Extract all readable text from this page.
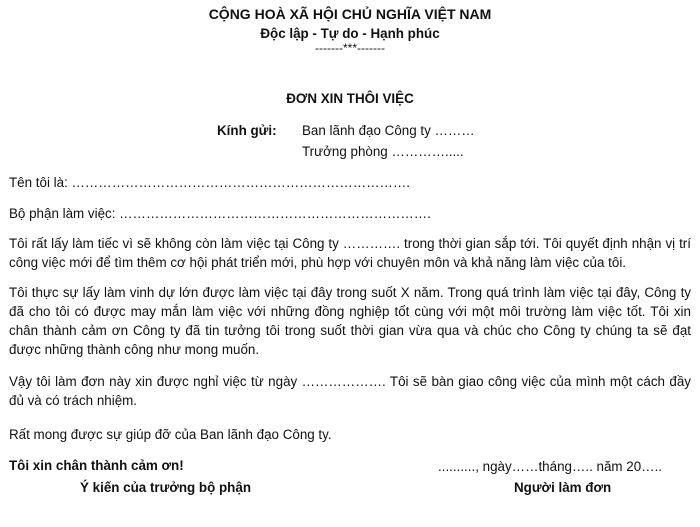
CỘNG HOÀ XÃ HỘI CHỦ NGHĨA VIỆT NAM
Độc lập - Tự do - Hạnh phúc
-------***-------
ĐƠN XIN THÔI VIỆC
Kính gửi: Ban lãnh đạo Công ty ………
Trưởng phòng ………….....
Tên tôi là: ………………………………………………………………….
Bộ phận làm việc: …………………………………………………………….

Tôi rất lấy làm tiếc vì sẽ không còn làm việc tại Công ty …………. trong thời gian sắp tới. Tôi quyết định nhận vị trí công việc mới để tìm thêm cơ hội phát triển mới, phù hợp với chuyên môn và khả năng làm việc của tôi.

Tôi thực sự lấy làm vinh dự lớn được làm việc tại đây trong suốt X năm. Trong quá trình làm việc tại đây, Công ty đã cho tôi có được may mắn làm việc với những đồng nghiệp tốt cùng với một môi trường làm việc tốt. Tôi xin chân thành cảm ơn Công ty đã tin tưởng tôi trong suốt thời gian vừa qua và chúc cho Công ty chúng ta sẽ đạt được những thành công như mong muốn.

Vậy tôi làm đơn này xin được nghỉ việc từ ngày ………………. Tôi sẽ bàn giao công việc của mình một cách đầy đủ và có trách nhiệm.

Rất mong được sự giúp đỡ của Ban lãnh đạo Công ty.
Tôi xin chân thành cảm ơn!	.........., ngày……tháng….. năm 20…..
Ý kiến của trưởng bộ phận	Người làm đơn
